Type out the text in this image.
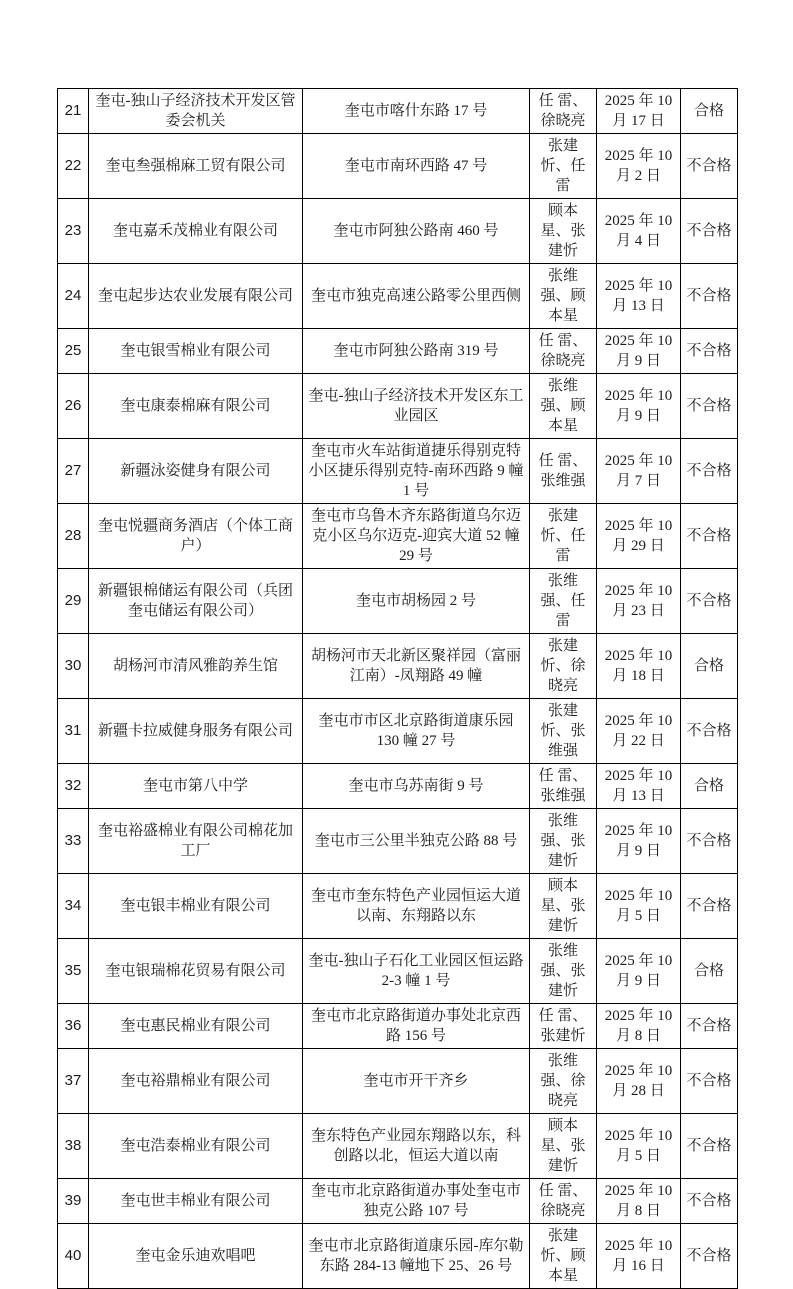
21	奎屯-独山子经济技术开发区管委会机关	奎屯市喀什东路 17 号	任 雷、徐晓亮	2025 年 10 月 17 日	合格
22	奎屯叁强棉麻工贸有限公司	奎屯市南环西路 47 号	张建忻、任 雷	2025 年 10 月 2 日	不合格
23	奎屯嘉禾茂棉业有限公司	奎屯市阿独公路南 460 号	顾本星、张建忻	2025 年 10 月 4 日	不合格
24	奎屯起步达农业发展有限公司	奎屯市独克高速公路零公里西侧	张维强、顾本星	2025 年 10 月 13 日	不合格
25	奎屯银雪棉业有限公司	奎屯市阿独公路南 319 号	任 雷、徐晓亮	2025 年 10 月 9 日	不合格
26	奎屯康泰棉麻有限公司	奎屯-独山子经济技术开发区东工业园区	张维强、顾本星	2025 年 10 月 9 日	不合格
27	新疆泳姿健身有限公司	奎屯市火车站街道捷乐得别克特小区捷乐得别克特-南环西路 9 幢 1 号	任 雷、张维强	2025 年 10 月 7 日	不合格
28	奎屯悦疆商务酒店（个体工商户）	奎屯市乌鲁木齐东路街道乌尔迈克小区乌尔迈克-迎宾大道 52 幢 29 号	张建忻、任 雷	2025 年 10 月 29 日	不合格
29	新疆银棉储运有限公司（兵团奎屯储运有限公司）	奎屯市胡杨园 2 号	张维强、任 雷	2025 年 10 月 23 日	不合格
30	胡杨河市清风雅韵养生馆	胡杨河市天北新区聚祥园（富丽江南）-凤翔路 49 幢	张建忻、徐晓亮	2025 年 10 月 18 日	合格
31	新疆卡拉威健身服务有限公司	奎屯市市区北京路街道康乐园 130 幢 27 号	张建忻、张维强	2025 年 10 月 22 日	不合格
32	奎屯市第八中学	奎屯市乌苏南街 9 号	任 雷、张维强	2025 年 10 月 13 日	合格
33	奎屯裕盛棉业有限公司棉花加工厂	奎屯市三公里半独克公路 88 号	张维强、张建忻	2025 年 10 月 9 日	不合格
34	奎屯银丰棉业有限公司	奎屯市奎东特色产业园恒运大道以南、东翔路以东	顾本星、张建忻	2025 年 10 月 5 日	不合格
35	奎屯银瑞棉花贸易有限公司	奎屯-独山子石化工业园区恒运路 2-3 幢 1 号	张维强、张建忻	2025 年 10 月 9 日	合格
36	奎屯惠民棉业有限公司	奎屯市北京路街道办事处北京西路 156 号	任 雷、张建忻	2025 年 10 月 8 日	不合格
37	奎屯裕鼎棉业有限公司	奎屯市开干齐乡	张维强、徐晓亮	2025 年 10 月 28 日	不合格
38	奎屯浩泰棉业有限公司	奎东特色产业园东翔路以东，科创路以北，恒运大道以南	顾本星、张建忻	2025 年 10 月 5 日	不合格
39	奎屯世丰棉业有限公司	奎屯市北京路街道办事处奎屯市独克公路 107 号	任 雷、徐晓亮	2025 年 10 月 8 日	不合格
40	奎屯金乐迪欢唱吧	奎屯市北京路街道康乐园-库尔勒东路 284-13 幢地下 25、26 号	张建忻、顾本星	2025 年 10 月 16 日	不合格
